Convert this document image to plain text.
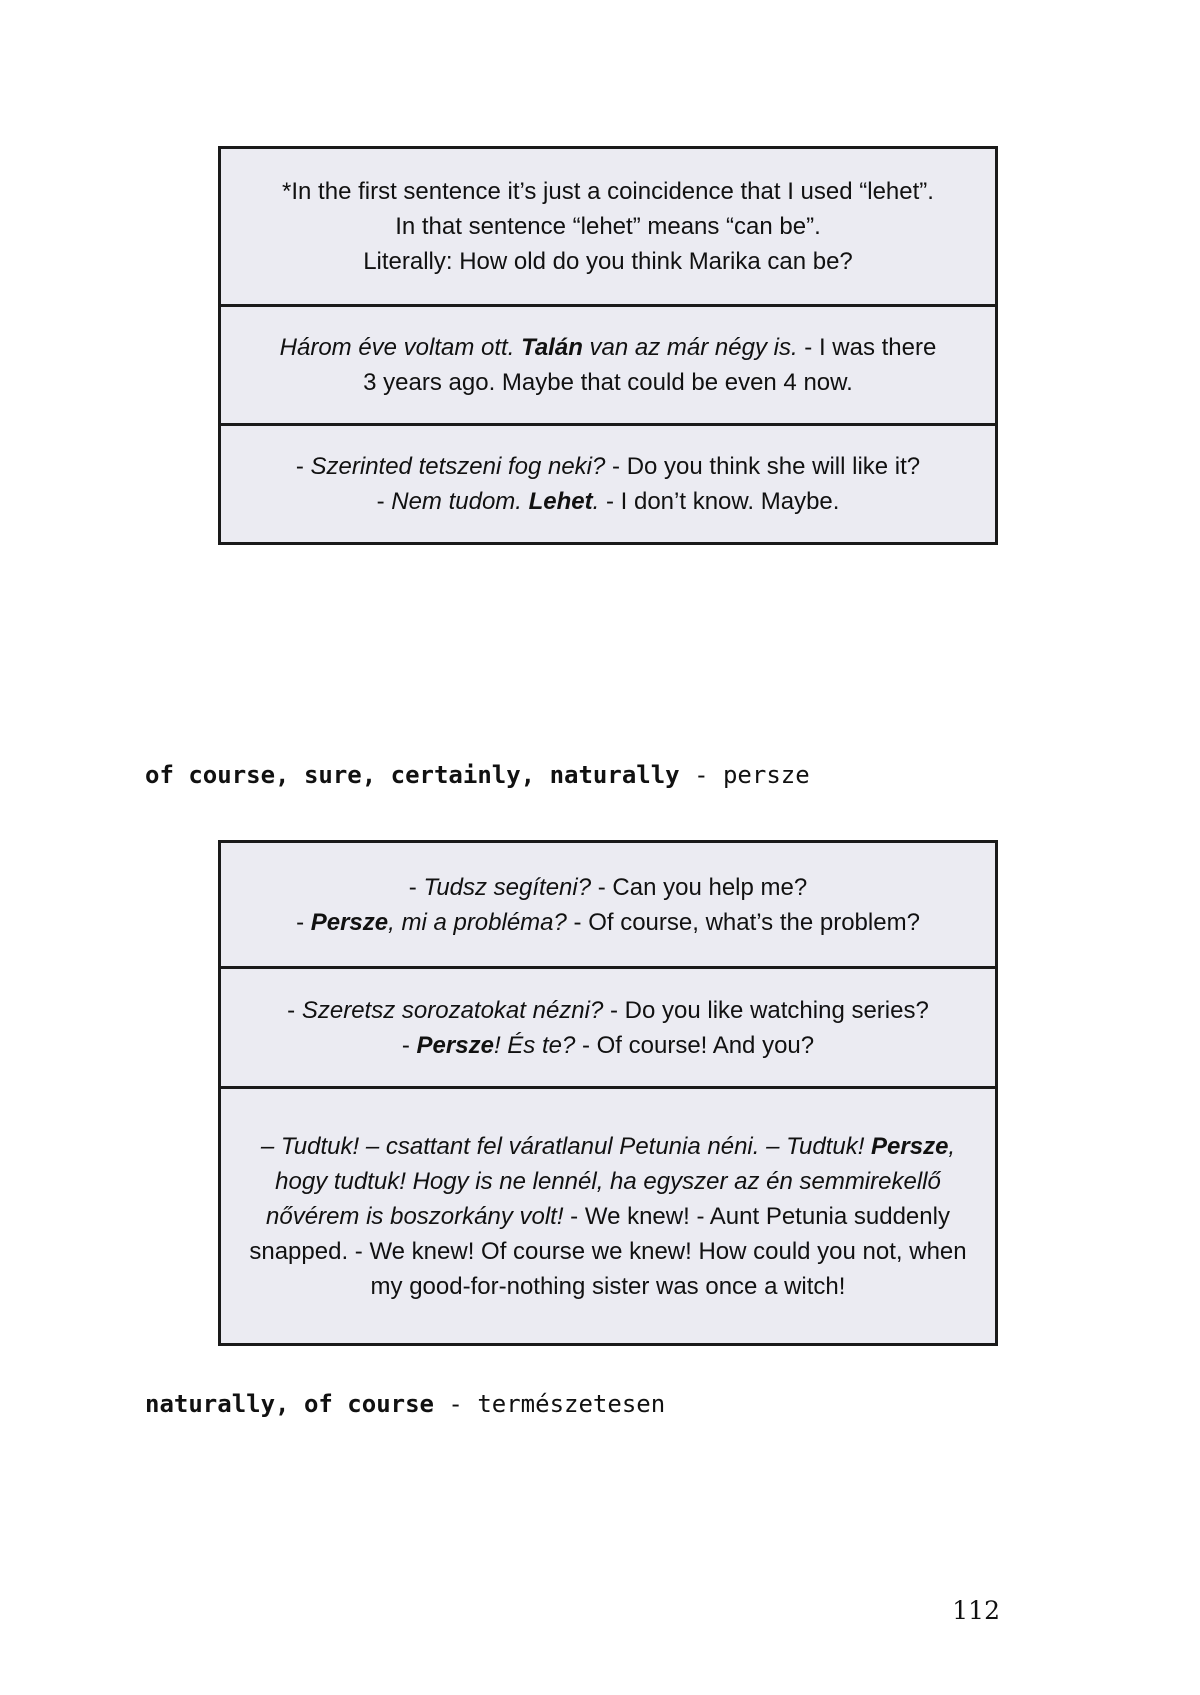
*In the first sentence it’s just a coincidence that I used “lehet”.
In that sentence “lehet” means “can be”.
Literally: How old do you think Marika can be?

Három éve voltam ott. Talán van az már négy is. - I was there
3 years ago. Maybe that could be even 4 now.

- Szerinted tetszeni fog neki? - Do you think she will like it?
- Nem tudom. Lehet. - I don’t know. Maybe.

of course, sure, certainly, naturally - persze

- Tudsz segíteni? - Can you help me?
- Persze, mi a probléma? - Of course, what’s the problem?

- Szeretsz sorozatokat nézni? - Do you like watching series?
- Persze! És te? - Of course! And you?

– Tudtuk! – csattant fel váratlanul Petunia néni. – Tudtuk! Persze, hogy tudtuk! Hogy is ne lennél, ha egyszer az én semmirekellő nővérem is boszorkány volt! - We knew! - Aunt Petunia suddenly snapped. - We knew! Of course we knew! How could you not, when my good-for-nothing sister was once a witch!

naturally, of course - természetesen
112
